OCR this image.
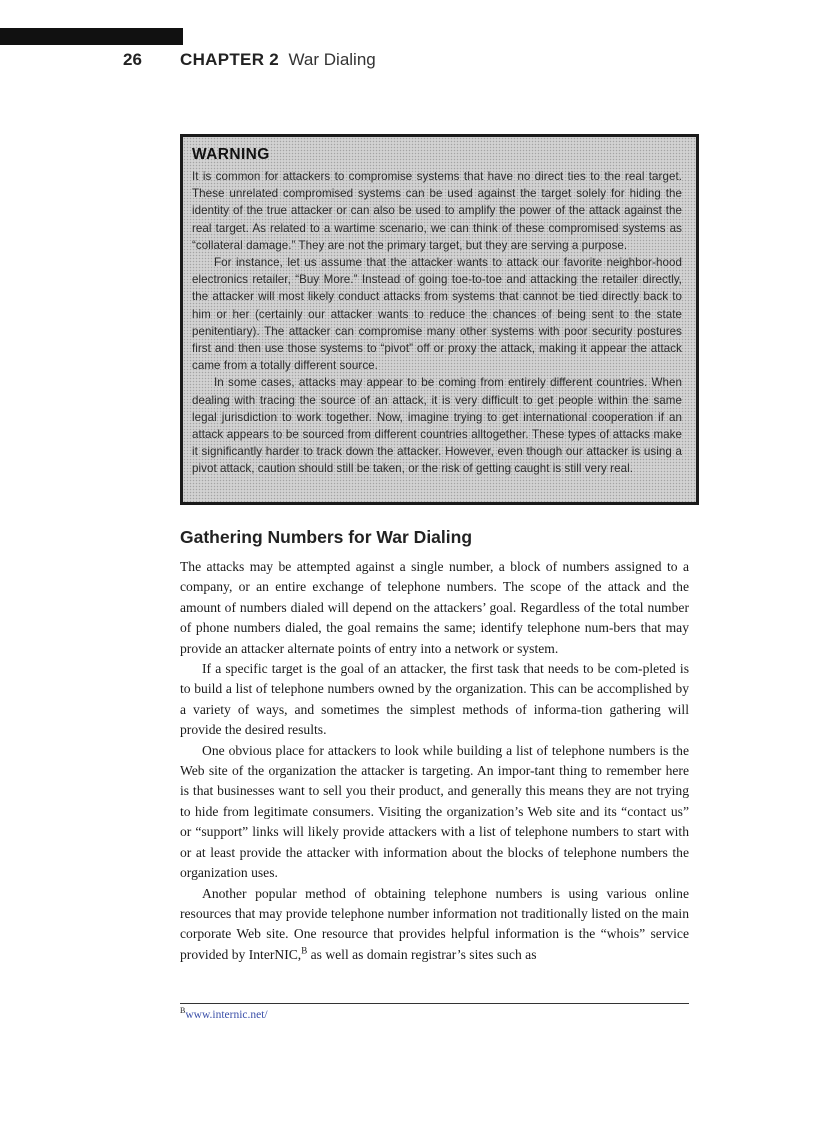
26 CHAPTER 2 War Dialing
WARNING

It is common for attackers to compromise systems that have no direct ties to the real target. These unrelated compromised systems can be used against the target solely for hiding the identity of the true attacker or can also be used to amplify the power of the attack against the real target. As related to a wartime scenario, we can think of these compromised systems as “collateral damage.” They are not the primary target, but they are serving a purpose.

For instance, let us assume that the attacker wants to attack our favorite neighbor-hood electronics retailer, “Buy More.” Instead of going toe-to-toe and attacking the retailer directly, the attacker will most likely conduct attacks from systems that cannot be tied directly back to him or her (certainly our attacker wants to reduce the chances of being sent to the state penitentiary). The attacker can compromise many other systems with poor security postures first and then use those systems to “pivot” off or proxy the attack, making it appear the attack came from a totally different source.

In some cases, attacks may appear to be coming from entirely different countries. When dealing with tracing the source of an attack, it is very difficult to get people within the same legal jurisdiction to work together. Now, imagine trying to get international cooperation if an attack appears to be sourced from different countries alltogether. These types of attacks make it significantly harder to track down the attacker. However, even though our attacker is using a pivot attack, caution should still be taken, or the risk of getting caught is still very real.

Gathering Numbers for War Dialing

The attacks may be attempted against a single number, a block of numbers assigned to a company, or an entire exchange of telephone numbers. The scope of the attack and the amount of numbers dialed will depend on the attackers’ goal. Regardless of the total number of phone numbers dialed, the goal remains the same; identify telephone num-bers that may provide an attacker alternate points of entry into a network or system.

If a specific target is the goal of an attacker, the first task that needs to be com-pleted is to build a list of telephone numbers owned by the organization. This can be accomplished by a variety of ways, and sometimes the simplest methods of informa-tion gathering will provide the desired results.

One obvious place for attackers to look while building a list of telephone numbers is the Web site of the organization the attacker is targeting. An impor-tant thing to remember here is that businesses want to sell you their product, and generally this means they are not trying to hide from legitimate consumers. Visiting the organization’s Web site and its “contact us” or “support” links will likely provide attackers with a list of telephone numbers to start with or at least provide the attacker with information about the blocks of telephone numbers the organization uses.

Another popular method of obtaining telephone numbers is using various online resources that may provide telephone number information not traditionally listed on the main corporate Web site. One resource that provides helpful information is the “whois” service provided by InterNIC,$^B$ as well as domain registrar’s sites such as

$^B$www.internic.net/
